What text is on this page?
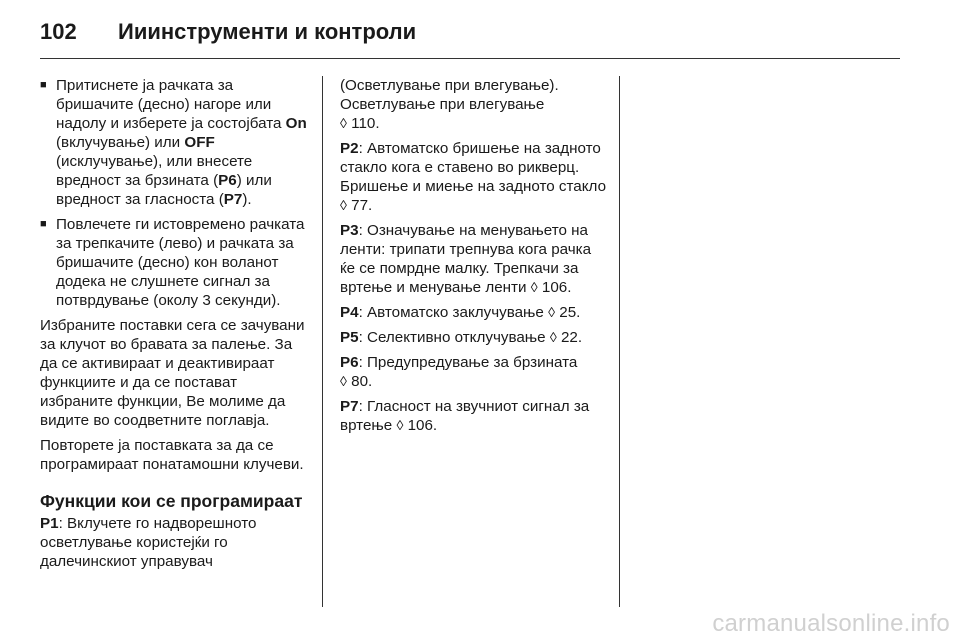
102	Ииинструменти и контроли
■ Притиснете ја рачката за бришачите (десно) нагоре или надолу и изберете ја состојбата On (вклучување) или OFF (исклучување), или внесете вредност за брзината (P6) или вредност за гласноста (P7).
■ Повлечете ги истовремено рачката за трепкачите (лево) и рачката за бришачите (десно) кон воланот додека не слушнете сигнал за потврдување (околу 3 секунди).

Избраните поставки сега се зачувани за клучот во бравата за палење. За да се активираат и деактивираат функциите и да се постават избраните функции, Ве молиме да видите во соодветните поглавја.

Повторете ја поставката за да се програмираат понатамошни клучеви.

Функции кои се програмираат

P1: Вклучете го надворешното осветлување користејќи го далечинскиот управувач

(Осветлување при влегување). Осветлување при влегување
◊ 110.

P2: Автоматско бришење на задното стакло кога е ставено во рикверц. Бришење и миење на задното стакло ◊ 77.

P3: Означување на менувањето на ленти: трипати трепнува кога рачка ќе се помрдне малку. Трепкачи за вртење и менување ленти ◊ 106.

P4: Автоматско заклучување ◊ 25.

P5: Селективно отклучување ◊ 22.

P6: Предупредување за брзината
◊ 80.

P7: Гласност на звучниот сигнал за вртење ◊ 106.

carmanualsonline.info
